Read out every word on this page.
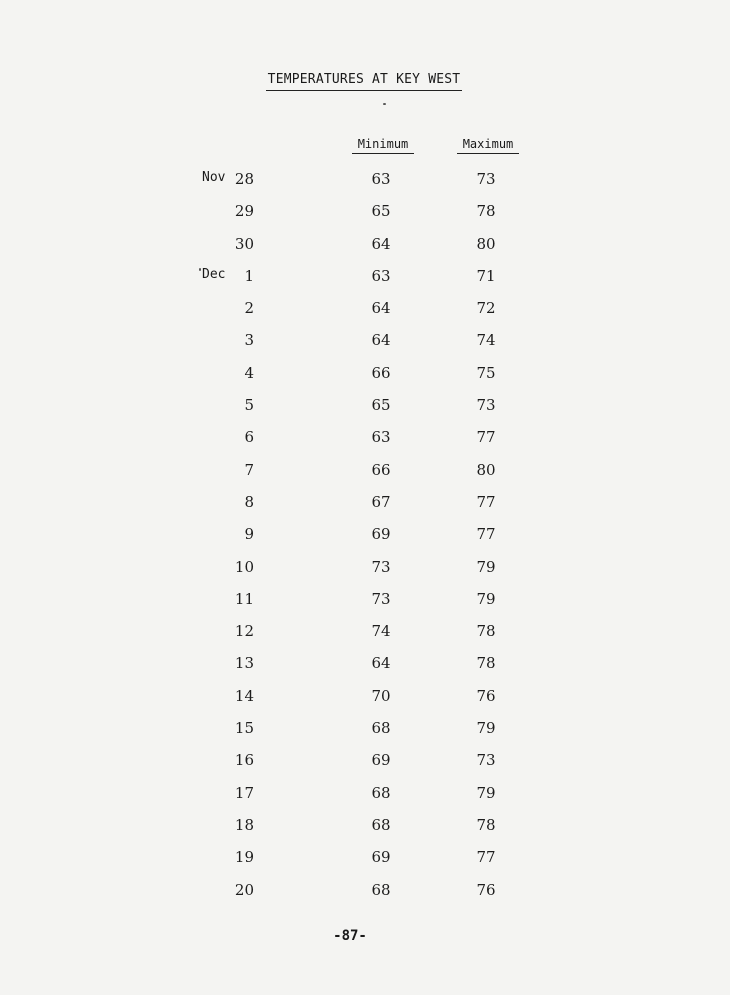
TEMPERATURES AT KEY WEST
Minimum	Maximum
Nov 28	63	73
29	65	78
30	64	80
Dec	1	63	71
2	64	72
3	64	74
4	66	75
5	65	73
6	63	77
7	66	80
8	67	77
9	69	77
10	73	79
11	73	79
12	74	78
13	64	78
14	70	76
15	68	79
16	69	73
17	68	79
18	68	78
19	69	77
20	68	76
-87-
